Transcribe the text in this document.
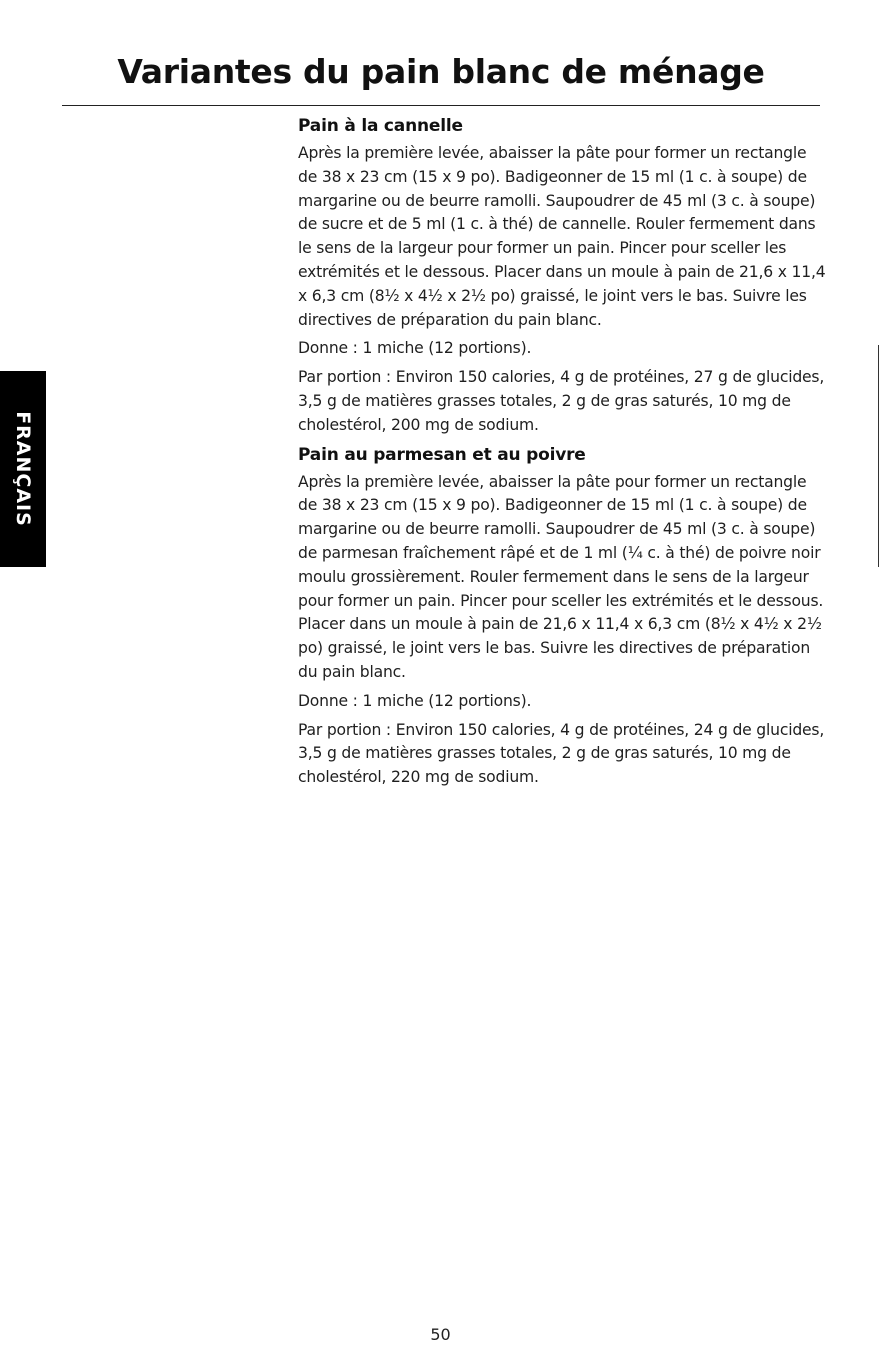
Variantes du pain blanc de ménage
FRANÇAIS
Pain à la cannelle

Après la première levée, abaisser la pâte pour former un rectangle de 38 x 23 cm (15 x 9 po). Badigeonner de 15 ml (1 c. à soupe) de margarine ou de beurre ramolli. Saupoudrer de 45 ml (3 c. à soupe) de sucre et de 5 ml (1 c. à thé) de cannelle. Rouler fermement dans le sens de la largeur pour former un pain. Pincer pour sceller les extrémités et le dessous. Placer dans un moule à pain de 21,6 x 11,4 x 6,3 cm (8½ x 4½ x 2½ po) graissé, le joint vers le bas. Suivre les directives de préparation du pain blanc.

Donne : 1 miche (12 portions).

Par portion : Environ 150 calories, 4 g de protéines, 27 g de glucides, 3,5 g de matières grasses totales, 2 g de gras saturés, 10 mg de cholestérol, 200 mg de sodium.

Pain au parmesan et au poivre

Après la première levée, abaisser la pâte pour former un rectangle de 38 x 23 cm (15 x 9 po). Badigeonner de 15 ml (1 c. à soupe) de margarine ou de beurre ramolli. Saupoudrer de 45 ml (3 c. à soupe) de parmesan fraîchement râpé et de 1 ml (¼ c. à thé) de poivre noir moulu grossièrement. Rouler fermement dans le sens de la largeur pour former un pain. Pincer pour sceller les extrémités et le dessous. Placer dans un moule à pain de 21,6 x 11,4 x 6,3 cm (8½ x 4½ x 2½ po) graissé, le joint vers le bas. Suivre les directives de préparation du pain blanc.

Donne : 1 miche (12 portions).

Par portion : Environ 150 calories, 4 g de protéines, 24 g de glucides, 3,5 g de matières grasses totales, 2 g de gras saturés, 10 mg de cholestérol, 220 mg de sodium.

50
